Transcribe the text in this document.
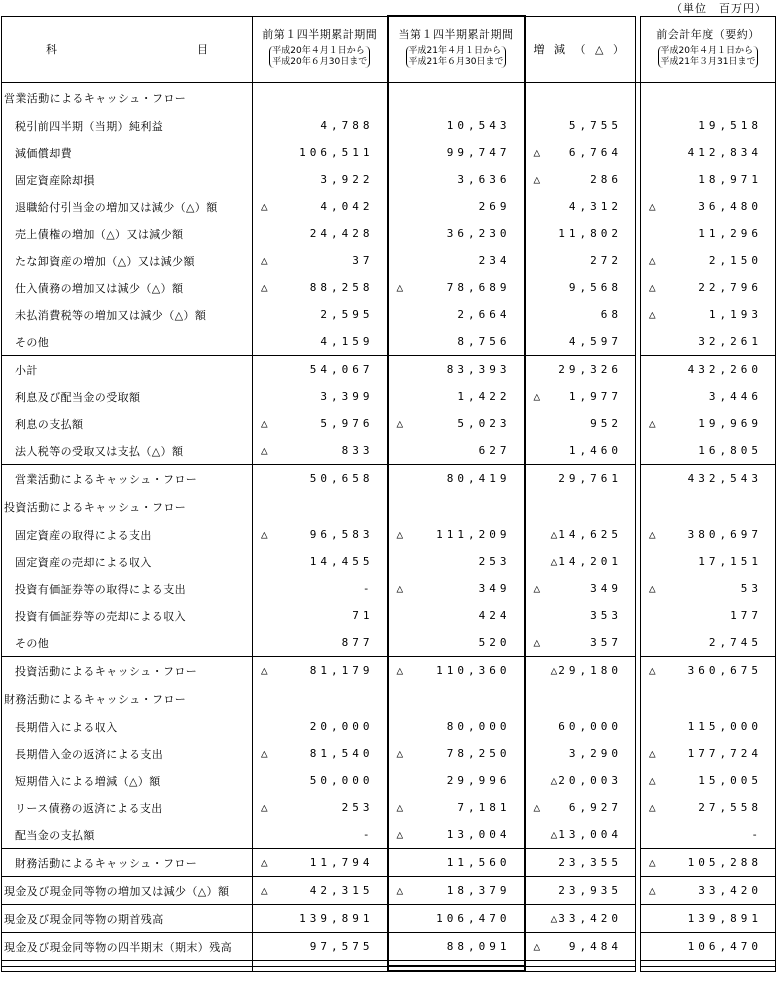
（単位　百万円）
科 目	前第１四半期累計期間
平成20年４月１日から
平成20年６月30日まで	当第１四半期累計期間
平成21年４月１日から
平成21年６月30日まで	増 減 （ △ ）		前会計年度（要約）
平成20年４月１日から
平成21年３月31日まで
営業活動によるキャッシュ・フロー					
税引前四半期（当期）純利益	4,788	10,543	5,755		19,518
減価償却費	106,511	99,747	△ 6,764		412,834
固定資産除却損	3,922	3,636	△ 286		18,971
退職給付引当金の増加又は減少（△）額	△ 4,042	269	4,312		△ 36,480
売上債権の増加（△）又は減少額	24,428	36,230	11,802		11,296
たな卸資産の増加（△）又は減少額	△ 37	234	272		△ 2,150
仕入債務の増加又は減少（△）額	△ 88,258	△ 78,689	9,568		△ 22,796
未払消費税等の増加又は減少（△）額	2,595	2,664	68		△ 1,193
その他	4,159	8,756	4,597		32,261
小計	54,067	83,393	29,326		432,260
利息及び配当金の受取額	3,399	1,422	△ 1,977		3,446
利息の支払額	△ 5,976	△ 5,023	952		△ 19,969
法人税等の受取又は支払（△）額	△ 833	627	1,460		16,805
営業活動によるキャッシュ・フロー	50,658	80,419	29,761		432,543
投資活動によるキャッシュ・フロー					
固定資産の取得による支出	△ 96,583	△ 111,209	△14,625		△ 380,697
固定資産の売却による収入	14,455	253	△14,201		17,151
投資有価証券等の取得による支出	-	△ 349	△ 349		△ 53
投資有価証券等の売却による収入	71	424	353		177
その他	877	520	△ 357		2,745
投資活動によるキャッシュ・フロー	△ 81,179	△ 110,360	△29,180		△ 360,675
財務活動によるキャッシュ・フロー					
長期借入による収入	20,000	80,000	60,000		115,000
長期借入金の返済による支出	△ 81,540	△ 78,250	3,290		△ 177,724
短期借入による増減（△）額	50,000	29,996	△20,003		△ 15,005
リース債務の返済による支出	△ 253	△ 7,181	△ 6,927		△ 27,558
配当金の支払額	-	△ 13,004	△13,004		-
財務活動によるキャッシュ・フロー	△ 11,794	11,560	23,355		△ 105,288
現金及び現金同等物の増加又は減少（△）額	△ 42,315	△ 18,379	23,935		△ 33,420
現金及び現金同等物の期首残高	139,891	106,470	△33,420		139,891
現金及び現金同等物の四半期末（期末）残高	97,575	88,091	△ 9,484		106,470
